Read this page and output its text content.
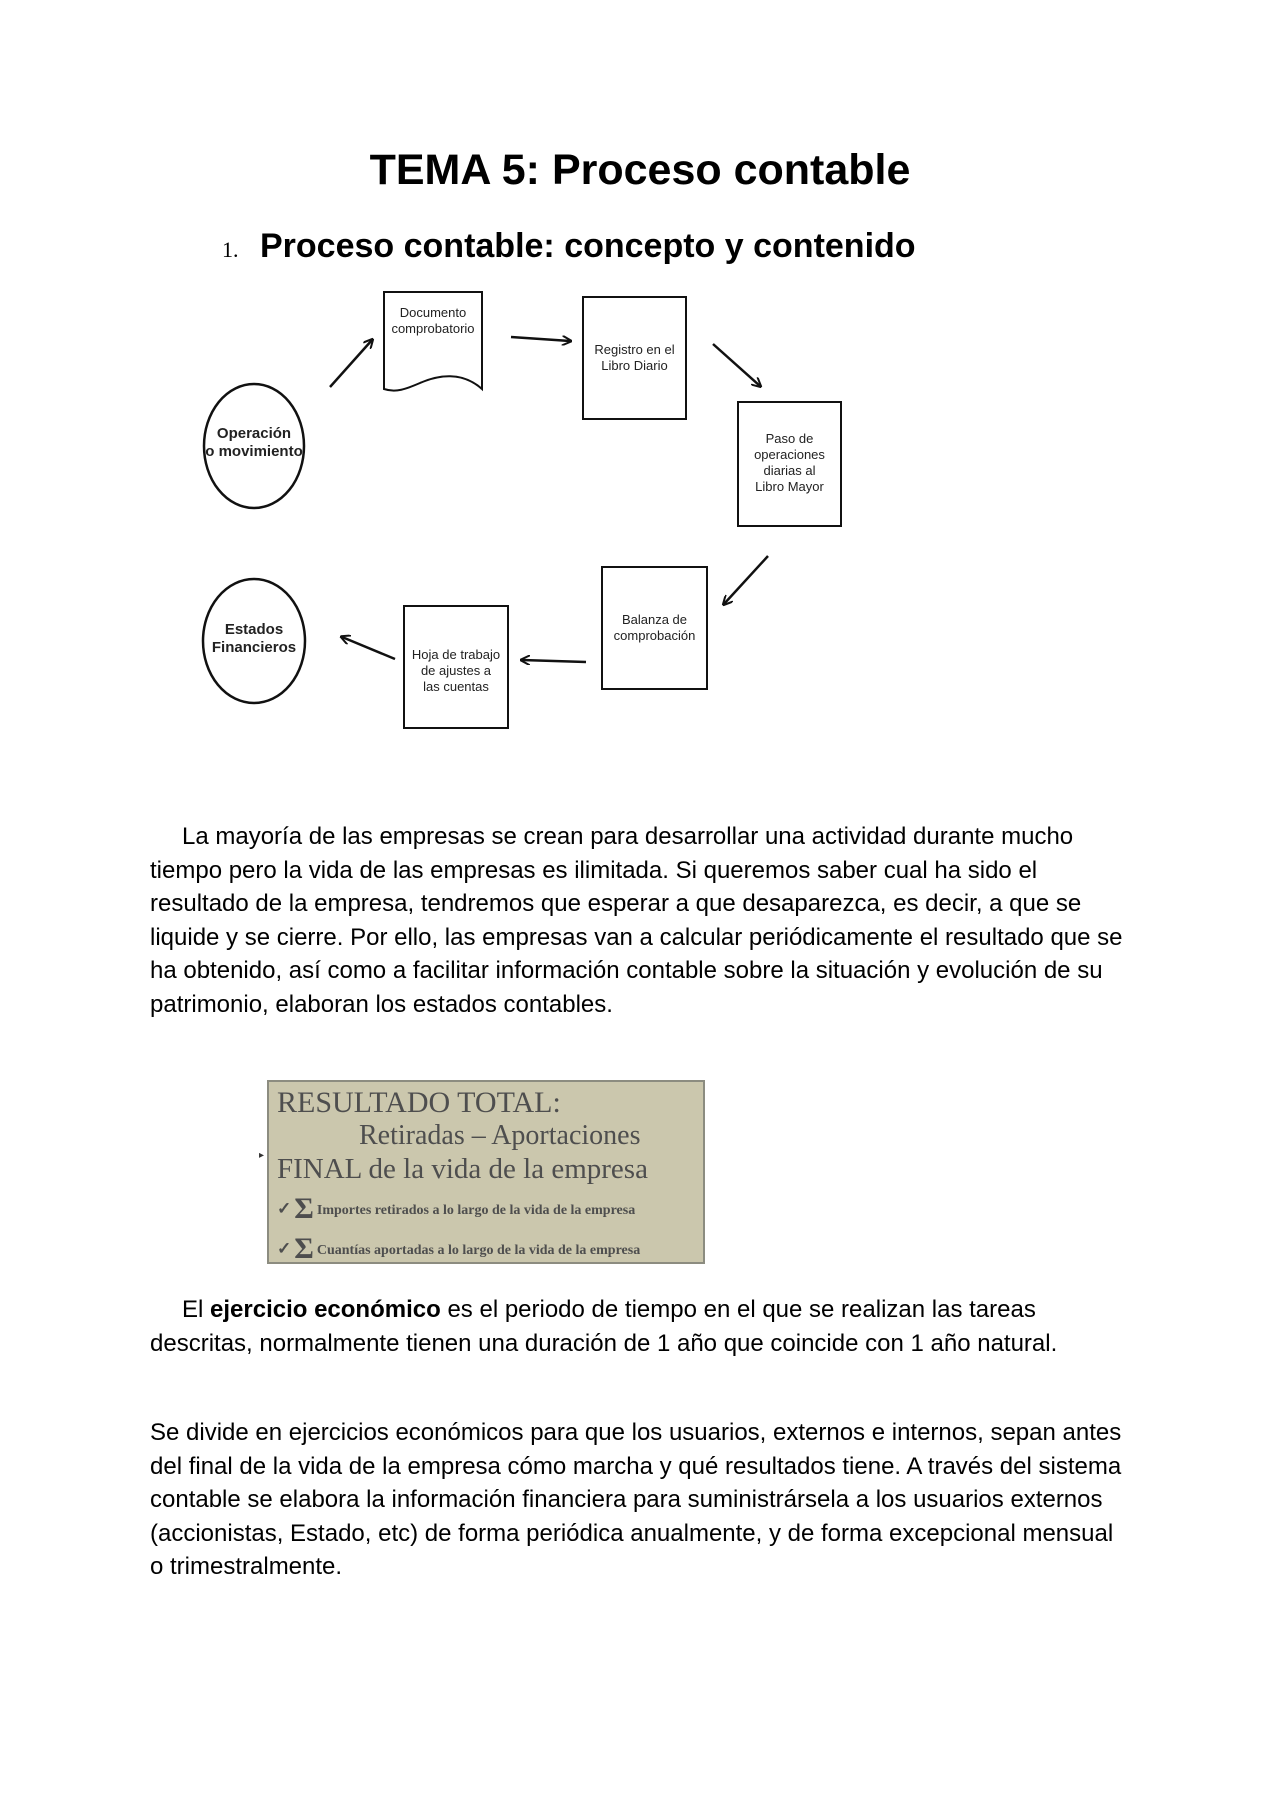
TEMA 5: Proceso contable
1. Proceso contable: concepto y contenido
Operación
o movimiento
Documento
comprobatorio
Registro en el
Libro Diario
Paso de
operaciones
diarias al
Libro Mayor
Balanza de
comprobación
Hoja de trabajo
de ajustes a
las cuentas
Estados
Financieros

La mayoría de las empresas se crean para desarrollar una actividad durante mucho tiempo pero la vida de las empresas es ilimitada. Si queremos saber cual ha sido el resultado de la empresa, tendremos que esperar a que desaparezca, es decir, a que se liquide y se cierre. Por ello, las empresas van a calcular periódicamente el resultado que se ha obtenido, así como a facilitar información contable sobre la situación y evolución de su patrimonio, elaboran los estados contables.

▸
RESULTADO TOTAL:
Retiradas – Aportaciones
FINAL de la vida de la empresa
✓ Σ Importes retirados a lo largo de la vida de la empresa
✓ Σ Cuantías aportadas a lo largo de la vida de la empresa

El ejercicio económico es el periodo de tiempo en el que se realizan las tareas descritas, normalmente tienen una duración de 1 año que coincide con 1 año natural.

Se divide en ejercicios económicos para que los usuarios, externos e internos, sepan antes del final de la vida de la empresa cómo marcha y qué resultados tiene. A través del sistema contable se elabora la información financiera para suministrársela a los usuarios externos (accionistas, Estado, etc) de forma periódica anualmente, y de forma excepcional mensual o trimestralmente.
